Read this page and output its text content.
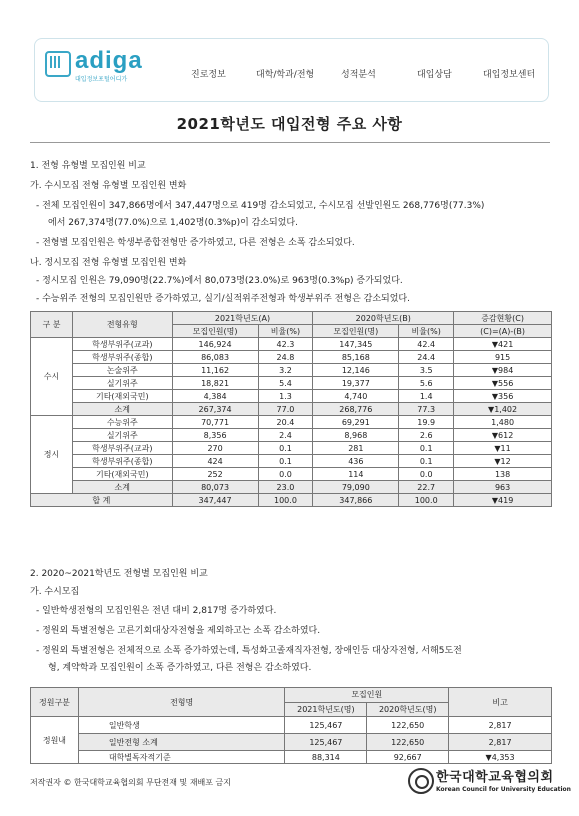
adiga
대입정보포털어디가	진로정보	대학/학과/전형	성적분석	대입상담	대입정보센터
2021학년도 대입전형 주요 사항
1. 전형 유형별 모집인원 비교
가. 수시모집 전형 유형별 모집인원 변화
- 전체 모집인원이 347,866명에서 347,447명으로 419명 감소되었고, 수시모집 선발인원도 268,776명(77.3%)
에서 267,374명(77.0%)으로 1,402명(0.3%p)이 감소되었다.
- 전형별 모집인원은 학생부종합전형만 증가하였고, 다른 전형은 소폭 감소되었다.
나. 정시모집 전형 유형별 모집인원 변화
- 정시모집 인원은 79,090명(22.7%)에서 80,073명(23.0%)로 963명(0.3%p) 증가되었다.
- 수능위주 전형의 모집인원만 증가하였고, 실기/실적위주전형과 학생부위주 전형은 감소되었다.
구 분	전형유형	2021학년도(A)		2020학년도(B)		증감현황(C)
		모집인원(명)	비율(%)	모집인원(명)	비율(%)	(C)=(A)-(B)
수시	학생부위주(교과)	146,924	42.3	147,345	42.4	▼421
	학생부위주(종합)	86,083	24.8	85,168	24.4	915
	논술위주	11,162	3.2	12,146	3.5	▼984
	실기위주	18,821	5.4	19,377	5.6	▼556
	기타(재외국민)	4,384	1.3	4,740	1.4	▼356
	소계	267,374	77.0	268,776	77.3	▼1,402
정시	수능위주	70,771	20.4	69,291	19.9	1,480
	실기위주	8,356	2.4	8,968	2.6	▼612
	학생부위주(교과)	270	0.1	281	0.1	▼11
	학생부위주(종합)	424	0.1	436	0.1	▼12
	기타(재외국민)	252	0.0	114	0.0	138
	소계	80,073	23.0	79,090	22.7	963
합 계		347,447	100.0	347,866	100.0	▼419
2. 2020~2021학년도 전형별 모집인원 비교
가. 수시모집
- 일반학생전형의 모집인원은 전년 대비 2,817명 증가하였다.
- 정원외 특별전형은 고른기회대상자전형을 제외하고는 소폭 감소하였다.
- 정원외 특별전형은 전체적으로 소폭 증가하였는데, 특성화고졸재직자전형, 장애인등 대상자전형, 서해5도전
형, 계약학과 모집인원이 소폭 증가하였고, 다른 전형은 감소하였다.
정원구분	전형명	모집인원		비고
		2021학년도(명)	2020학년도(명)	
정원내	일반학생	125,467	122,650	2,817
	일반전형 소계	125,467	122,650	2,817
	대학별독자적기준	88,314	92,667	▼4,353
저작권자 © 한국대학교육협의회 무단전재 및 재배포 금지	한국대학교육협의회
Korean Council for University Education
